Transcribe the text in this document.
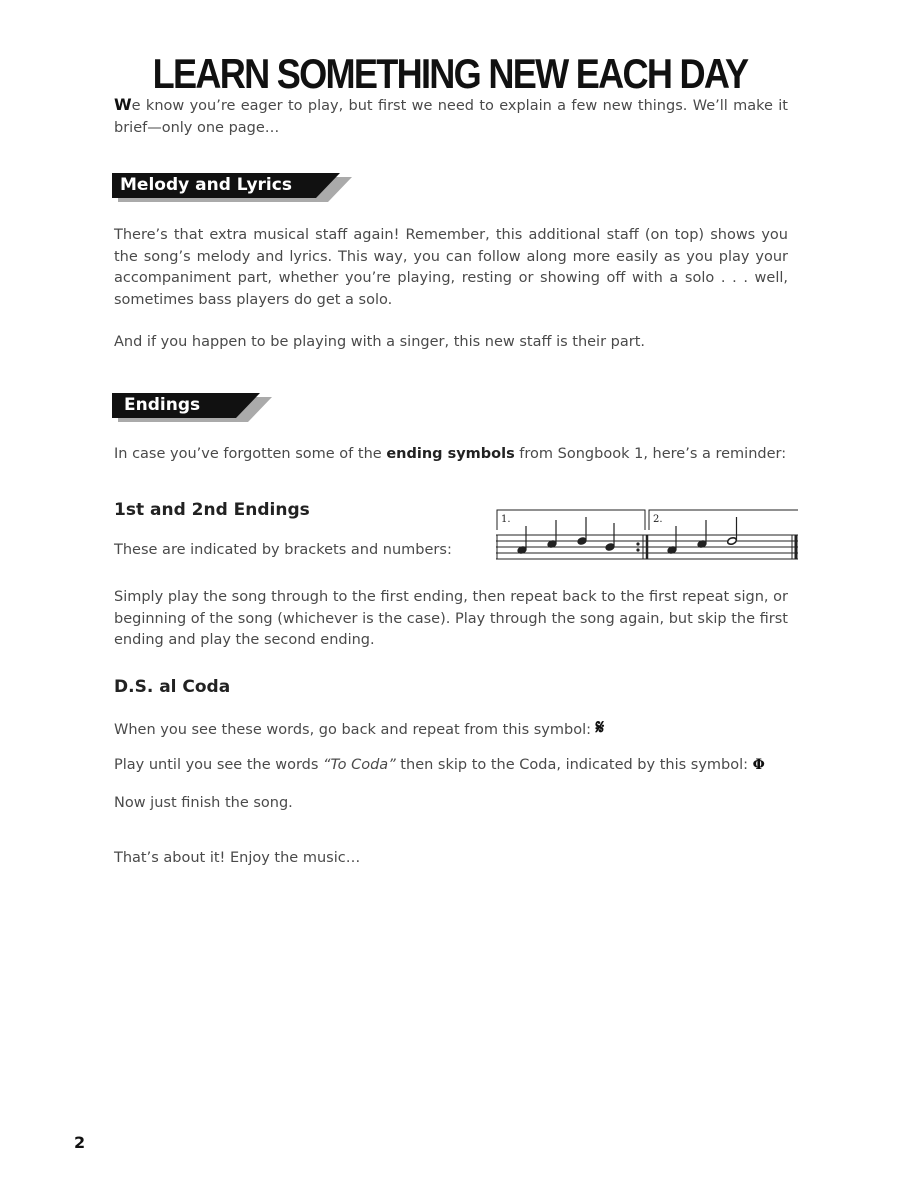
LEARN SOMETHING NEW EACH DAY
We know you’re eager to play, but first we need to explain a few new things. We’ll make it brief—only one page…
Melody and Lyrics
There’s that extra musical staff again! Remember, this additional staff (on top) shows you the song’s melody and lyrics. This way, you can follow along more easily as you play your accompaniment part, whether you’re playing, resting or showing off with a solo . . . well, sometimes bass players do get a solo.
And if you happen to be playing with a singer, this new staff is their part.
Endings
In case you’ve forgotten some of the ending symbols from Songbook 1, here’s a reminder:
1st and 2nd Endings
These are indicated by brackets and numbers:
1.	2.
Simply play the song through to the first ending, then repeat back to the first repeat sign, or beginning of the song (whichever is the case). Play through the song again, but skip the first ending and play the second ending.
D.S. al Coda
When you see these words, go back and repeat from this symbol: 𝄋
Play until you see the words “To Coda” then skip to the Coda, indicated by this symbol: Φ
Now just finish the song.
That’s about it! Enjoy the music…
2
